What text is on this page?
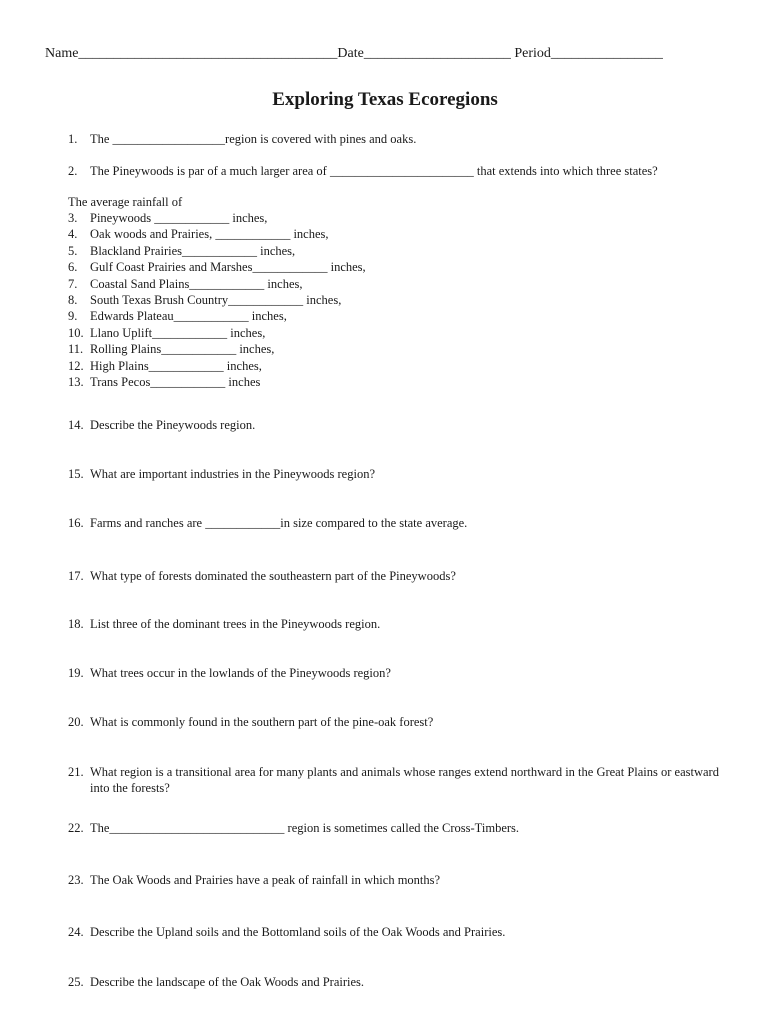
Name_____________________________________Date_____________________ Period________________
Exploring Texas Ecoregions
1.	The __________________region is covered with pines and oaks.
2.	The Pineywoods is par of a much larger area of _______________________ that extends into which three states?
The average rainfall of
3. Pineywoods ____________ inches,
4. Oak woods and Prairies, ____________ inches,
5. Blackland Prairies____________ inches,
6. Gulf Coast Prairies and Marshes____________ inches,
7. Coastal Sand Plains____________ inches,
8. South Texas Brush Country____________ inches,
9. Edwards Plateau____________ inches,
10. Llano Uplift____________ inches,
11. Rolling Plains____________ inches,
12. High Plains____________ inches,
13. Trans Pecos____________ inches
14. Describe the Pineywoods region.
15. What are important industries in the Pineywoods region?
16. Farms and ranches are ____________in size compared to the state average.
17. What type of forests dominated the southeastern part of the Pineywoods?
18. List three of the dominant trees in the Pineywoods region.
19. What trees occur in the lowlands of the Pineywoods region?
20. What is commonly found in the southern part of the pine-oak forest?
21. What region is a transitional area for many plants and animals whose ranges extend northward in the Great Plains or eastward into the forests?
22. The____________________________ region is sometimes called the Cross-Timbers.
23. The Oak Woods and Prairies have a peak of rainfall in which months?
24. Describe the Upland soils and the Bottomland soils of the Oak Woods and Prairies.
25. Describe the landscape of the Oak Woods and Prairies.
